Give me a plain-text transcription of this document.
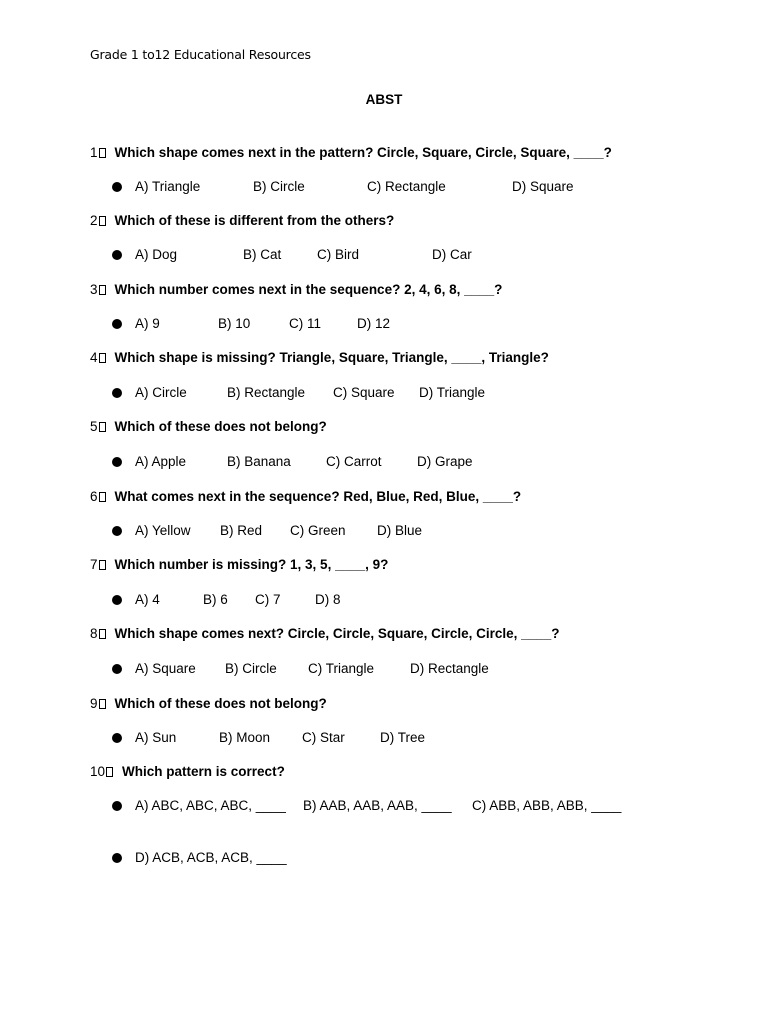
Grade 1 to12 Educational Resources
ABST
1 Which shape comes next in the pattern? Circle, Square, Circle, Square, ____?
A) Triangle	B) Circle	C) Rectangle	D) Square
2 Which of these is different from the others?
A) Dog	B) Cat	C) Bird	D) Car
3 Which number comes next in the sequence? 2, 4, 6, 8, ____?
A) 9	B) 10	C) 11	D) 12
4 Which shape is missing? Triangle, Square, Triangle, ____, Triangle?
A) Circle	B) Rectangle C) Square D) Triangle
5 Which of these does not belong?
A) Apple	B) Banana	C) Carrot	D) Grape
6 What comes next in the sequence? Red, Blue, Red, Blue, ____?
A) Yellow B) Red C) Green D) Blue
7 Which number is missing? 1, 3, 5, ____, 9?
A) 4	B) 6 C) 7	D) 8
8 Which shape comes next? Circle, Circle, Square, Circle, Circle, ____?
A) Square B) Circle C) Triangle	D) Rectangle
9 Which of these does not belong?
A) Sun	B) Moon C) Star	D) Tree
10 Which pattern is correct?
A) ABC, ABC, ABC, ____ B) AAB, AAB, AAB, ____ C) ABB, ABB, ABB, ____
D) ACB, ACB, ACB, ____
